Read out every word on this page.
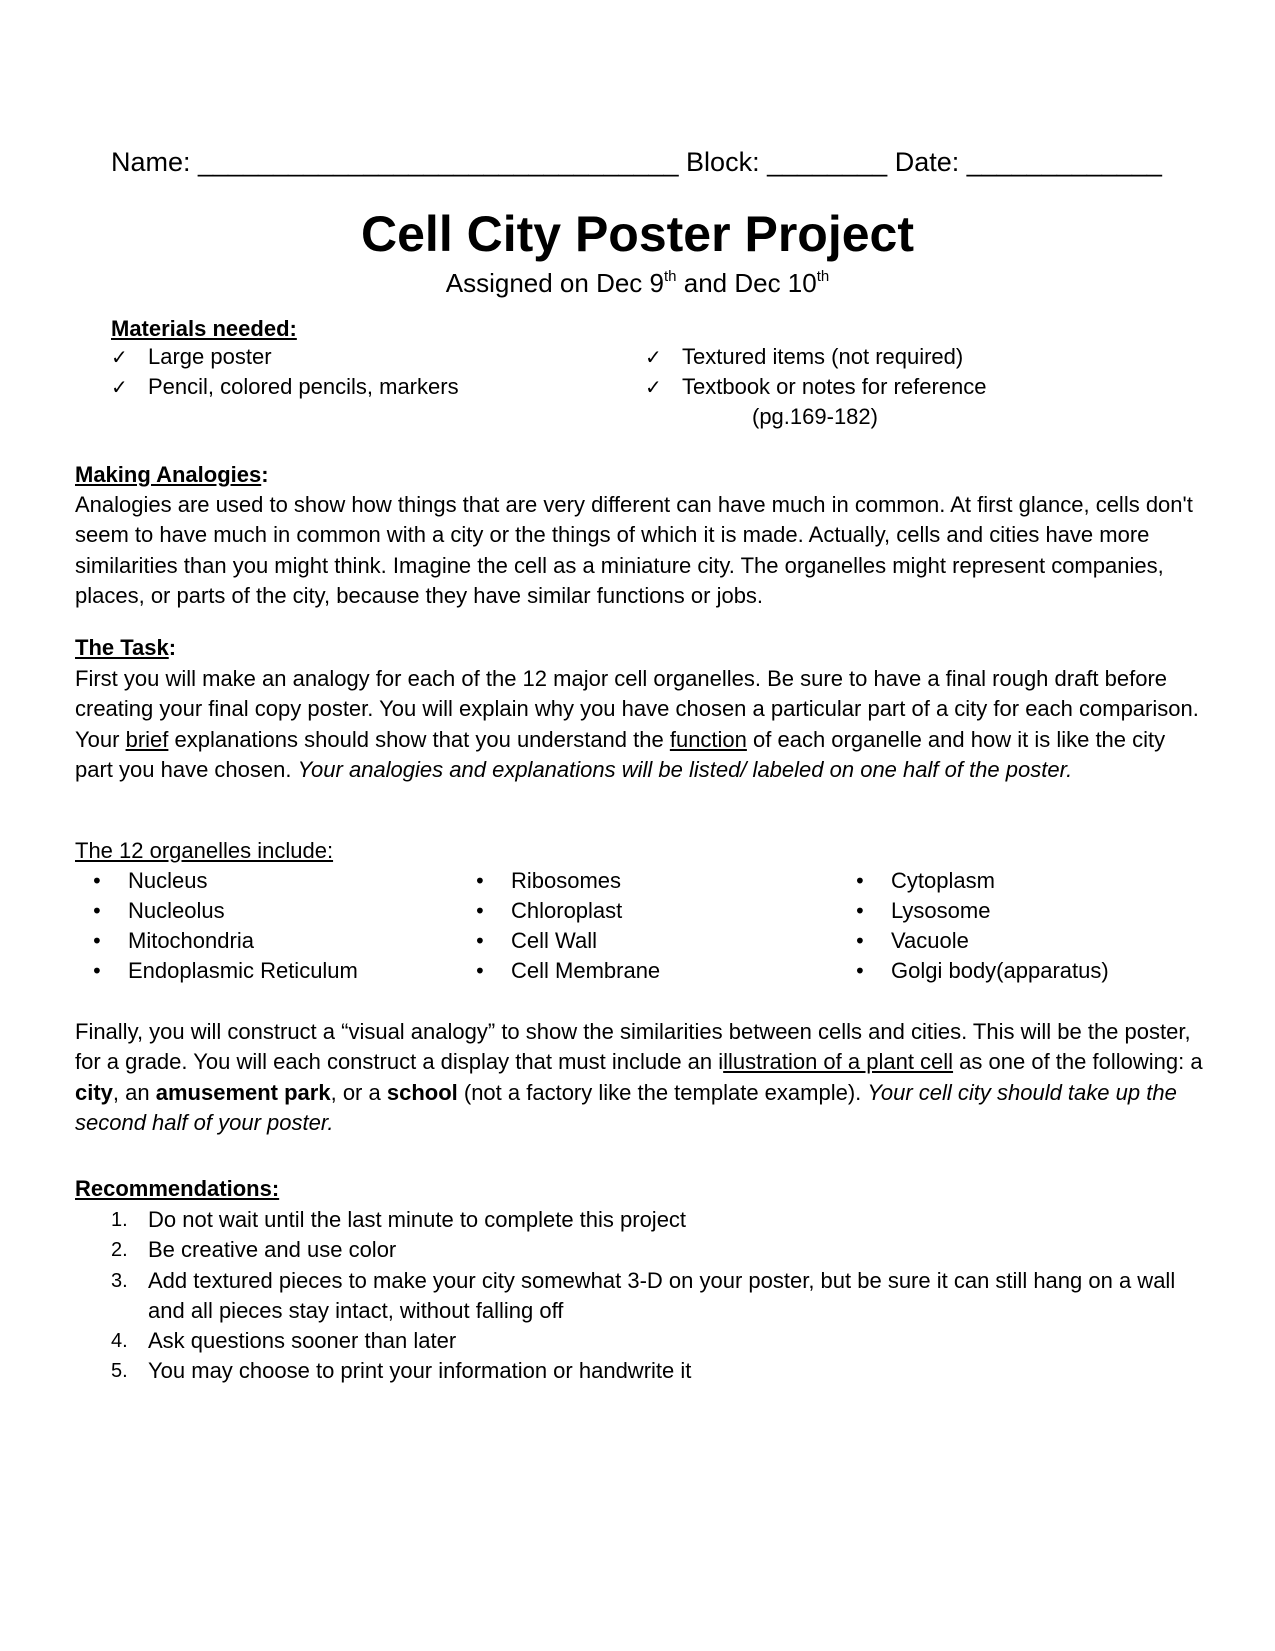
Name: ________________________________ Block: ________ Date: _____________
Cell City Poster Project
Assigned on Dec 9th and Dec 10th
Materials needed:
✓ Large poster
✓ Pencil, colored pencils, markers
✓ Textured items (not required)
✓ Textbook or notes for reference
(pg.169-182)
Making Analogies:
Analogies are used to show how things that are very different can have much in common. At first glance, cells don't seem to have much in common with a city or the things of which it is made. Actually, cells and cities have more similarities than you might think. Imagine the cell as a miniature city. The organelles might represent companies, places, or parts of the city, because they have similar functions or jobs.
The Task:
First you will make an analogy for each of the 12 major cell organelles. Be sure to have a final rough draft before creating your final copy poster. You will explain why you have chosen a particular part of a city for each comparison. Your brief explanations should show that you understand the function of each organelle and how it is like the city part you have chosen. Your analogies and explanations will be listed/ labeled on one half of the poster.
The 12 organelles include:
• Nucleus
• Nucleolus
• Mitochondria
• Endoplasmic Reticulum
• Ribosomes
• Chloroplast
• Cell Wall
• Cell Membrane
• Cytoplasm
• Lysosome
• Vacuole
• Golgi body(apparatus)
Finally, you will construct a “visual analogy” to show the similarities between cells and cities. This will be the poster, for a grade. You will each construct a display that must include an illustration of a plant cell as one of the following: a city, an amusement park, or a school (not a factory like the template example). Your cell city should take up the second half of your poster.
Recommendations:
1. Do not wait until the last minute to complete this project
2. Be creative and use color
3. Add textured pieces to make your city somewhat 3-D on your poster, but be sure it can still hang on a wall and all pieces stay intact, without falling off
4. Ask questions sooner than later
5. You may choose to print your information or handwrite it
